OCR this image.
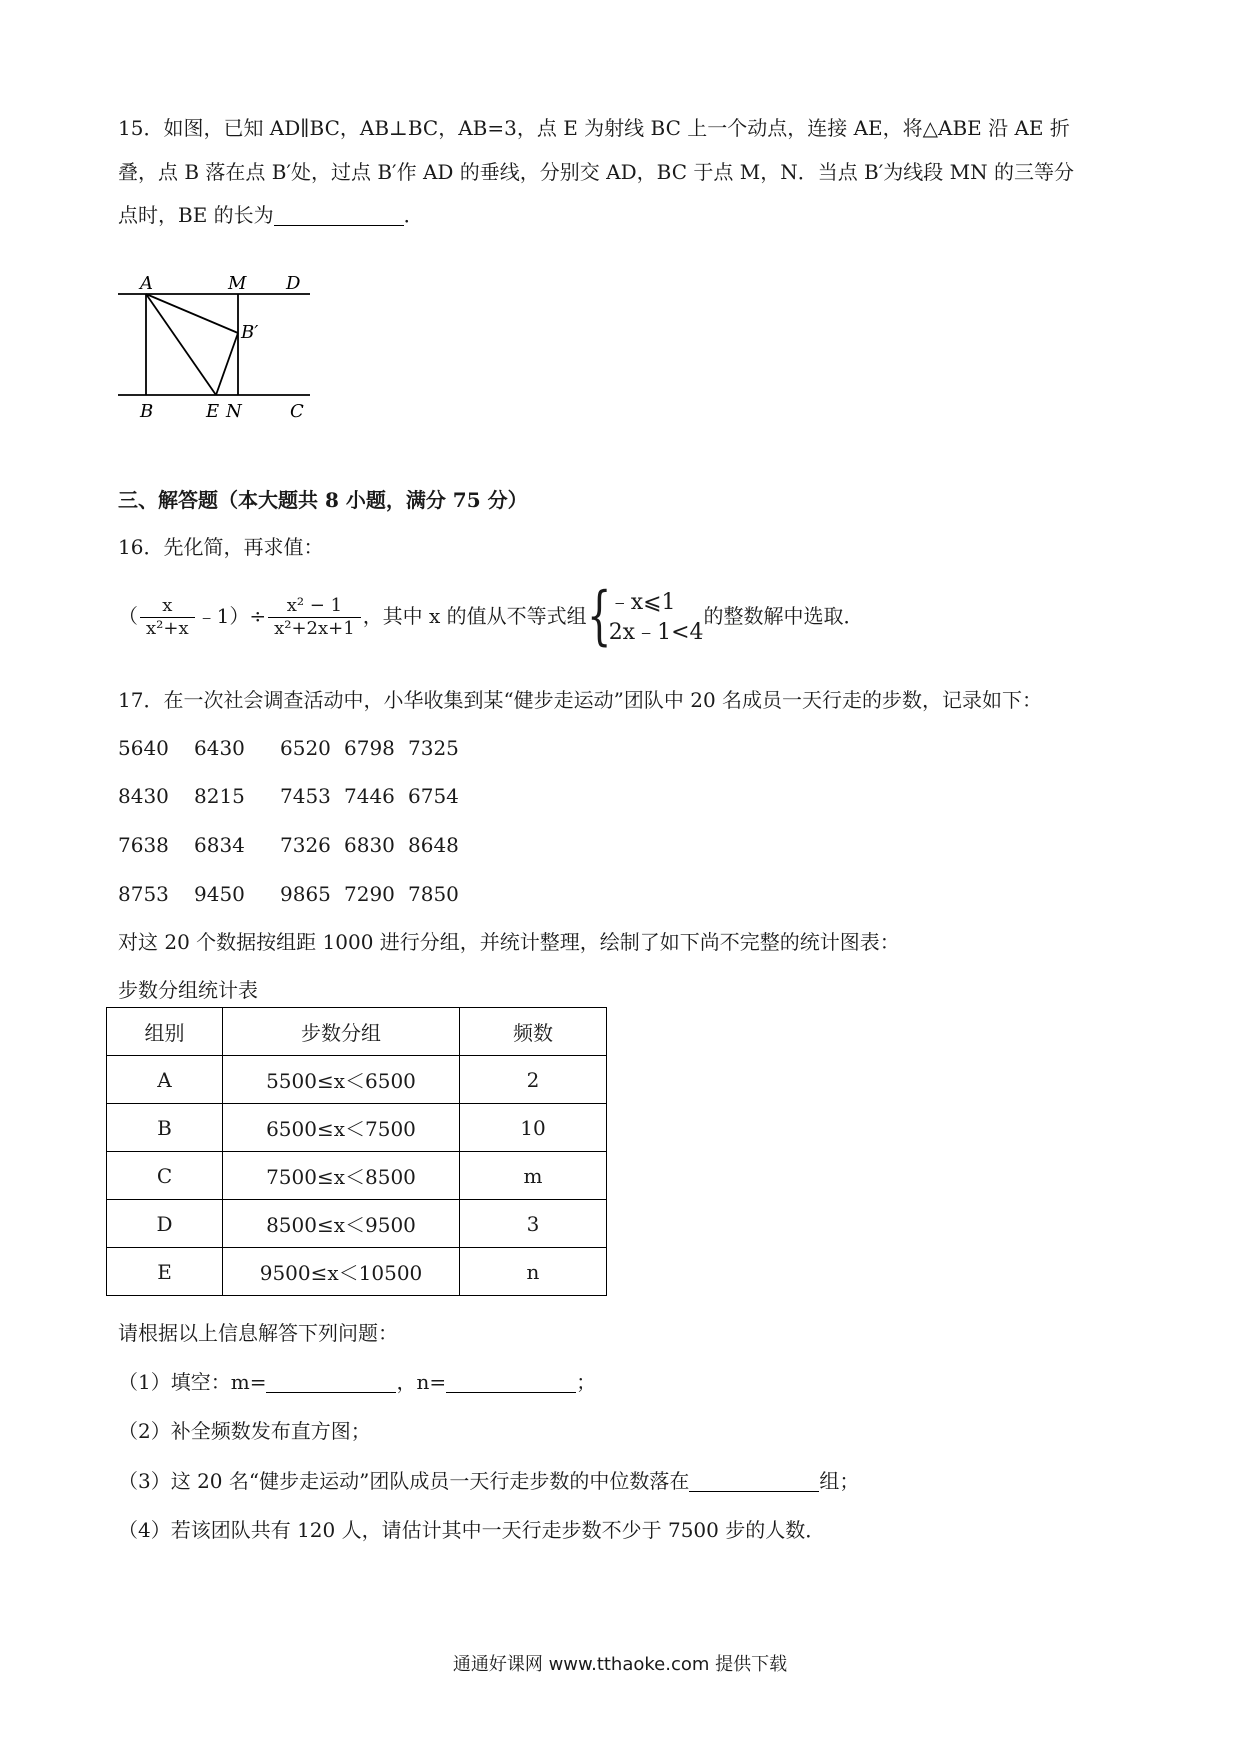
15．如图，已知 AD∥BC，AB⊥BC，AB=3，点 E 为射线 BC 上一个动点，连接 AE，将△ABE 沿 AE 折
叠，点 B 落在点 B′处，过点 B′作 AD 的垂线，分别交 AD，BC 于点 M，N．当点 B′为线段 MN 的三等分
点时，BE 的长为	．
A	M D
B′
B	E N	C
三、解答题（本大题共 8 小题，满分 75 分）
16．先化简，再求值：
（ $\frac{x}{\text{x²+x}}$ ﹣1）÷ $\frac{\text{x² − 1}}{\text{x²+2x+1}}$ ，其中 x 的值从不等式组 {
﹣x⩽1
2x﹣1<4
的整数解中选取．
17．在一次社会调查活动中，小华收集到某“健步走运动”团队中 20 名成员一天行走的步数，记录如下：
5640 6430 6520 6798 7325
8430 8215 7453 7446 6754
7638 6834 7326 6830 8648
8753 9450 9865 7290 7850
对这 20 个数据按组距 1000 进行分组，并统计整理，绘制了如下尚不完整的统计图表：
步数分组统计表
组别	步数分组	频数
A	5500≤x＜6500	2
B	6500≤x＜7500	10
C	7500≤x＜8500	m
D	8500≤x＜9500	3
E	9500≤x＜10500	n
请根据以上信息解答下列问题：
（1）填空：m=	，n=	；
（2）补全频数发布直方图；
（3）这 20 名“健步走运动”团队成员一天行走步数的中位数落在	组；
（4）若该团队共有 120 人，请估计其中一天行走步数不少于 7500 步的人数．
通通好课网 www.tthaoke.com 提供下载
